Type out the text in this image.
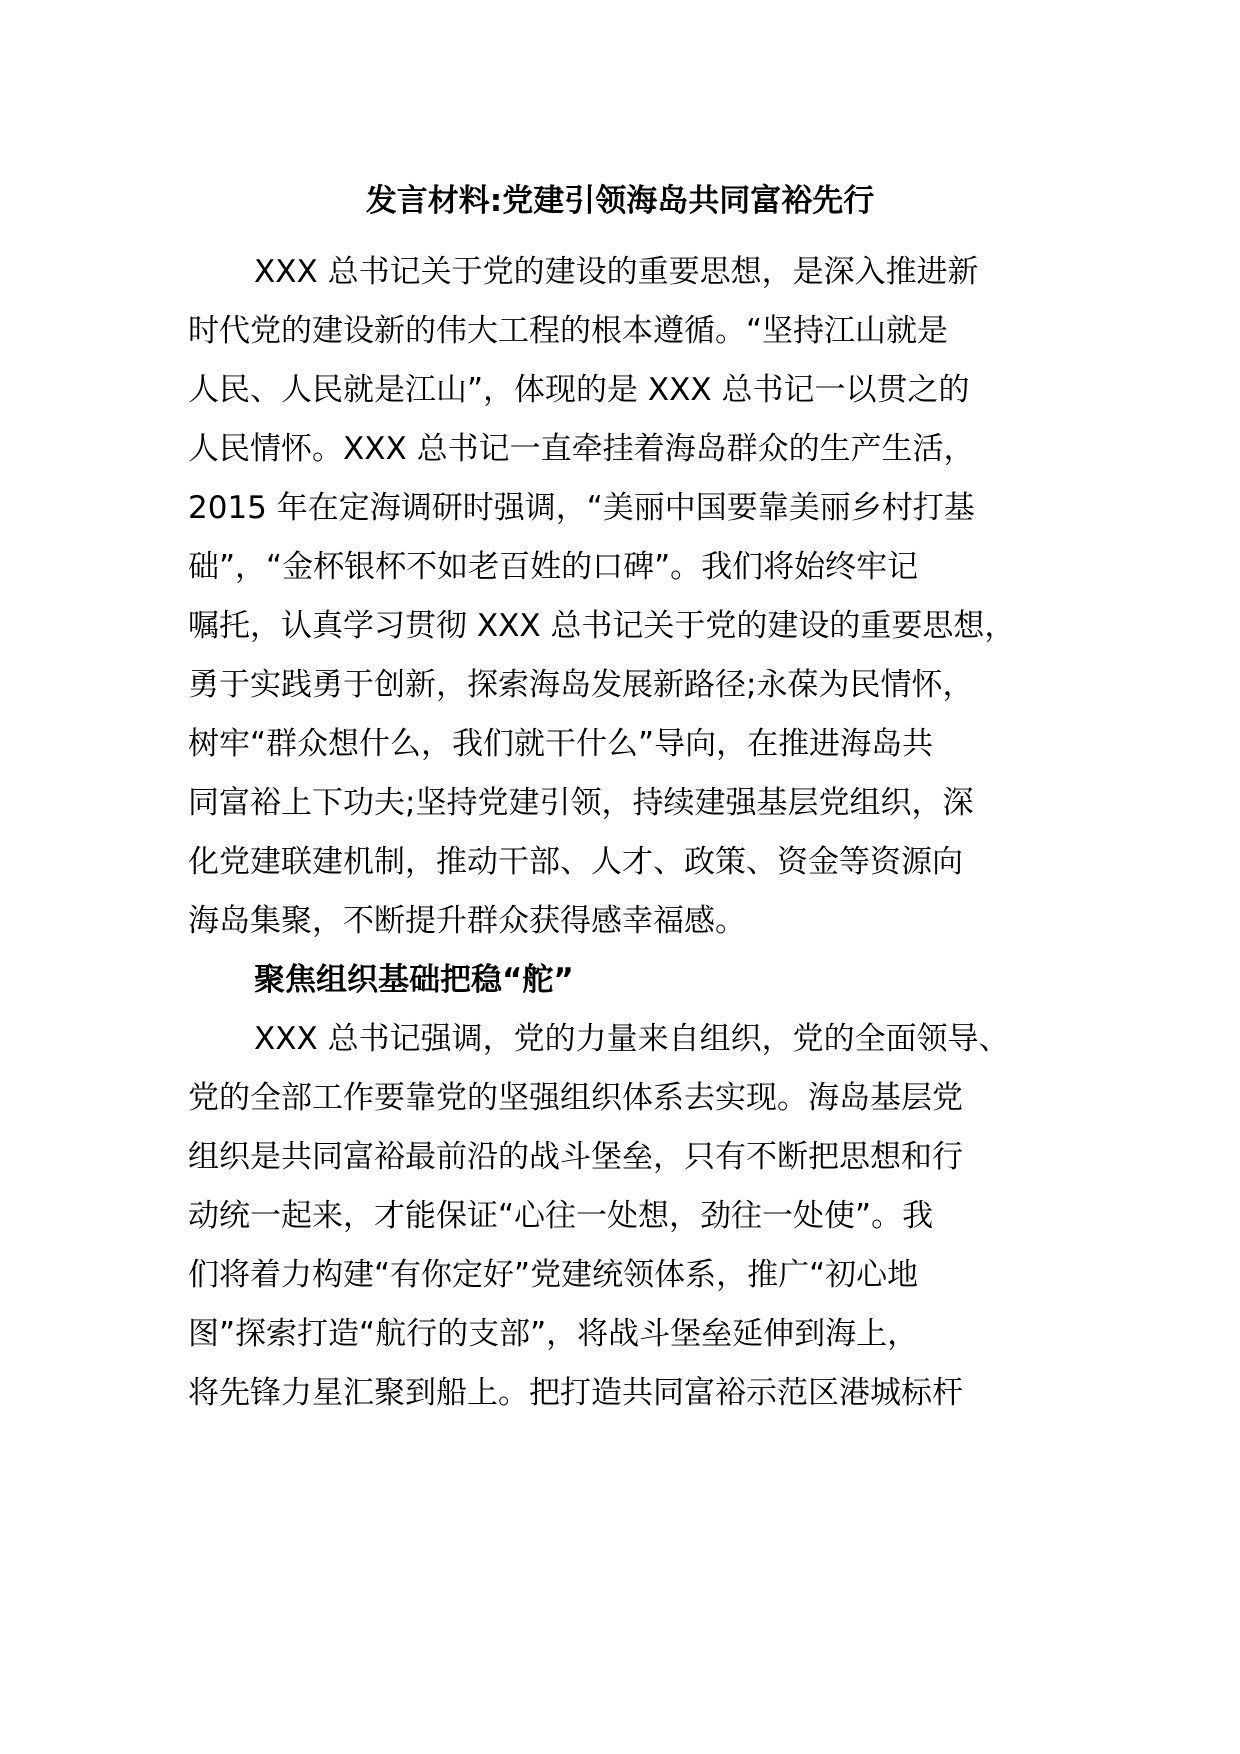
发言材料:党建引领海岛共同富裕先行

XXX 总书记关于党的建设的重要思想，是深入推进新

时代党的建设新的伟大工程的根本遵循。“坚持江山就是

人民、人民就是江山”，体现的是 XXX 总书记一以贯之的

人民情怀。XXX 总书记一直牵挂着海岛群众的生产生活，

2015 年在定海调研时强调，“美丽中国要靠美丽乡村打基

础”，“金杯银杯不如老百姓的口碑”。我们将始终牢记

嘱托，认真学习贯彻 XXX 总书记关于党的建设的重要思想，

勇于实践勇于创新，探索海岛发展新路径;永葆为民情怀，

树牢“群众想什么，我们就干什么”导向，在推进海岛共

同富裕上下功夫;坚持党建引领，持续建强基层党组织，深

化党建联建机制，推动干部、人才、政策、资金等资源向

海岛集聚，不断提升群众获得感幸福感。

聚焦组织基础把稳“舵”

XXX 总书记强调，党的力量来自组织，党的全面领导、

党的全部工作要靠党的坚强组织体系去实现。海岛基层党

组织是共同富裕最前沿的战斗堡垒，只有不断把思想和行

动统一起来，才能保证“心往一处想，劲往一处使”。我

们将着力构建“有你定好”党建统领体系，推广“初心地

图”探索打造“航行的支部”，将战斗堡垒延伸到海上，

将先锋力星汇聚到船上。把打造共同富裕示范区港城标杆
